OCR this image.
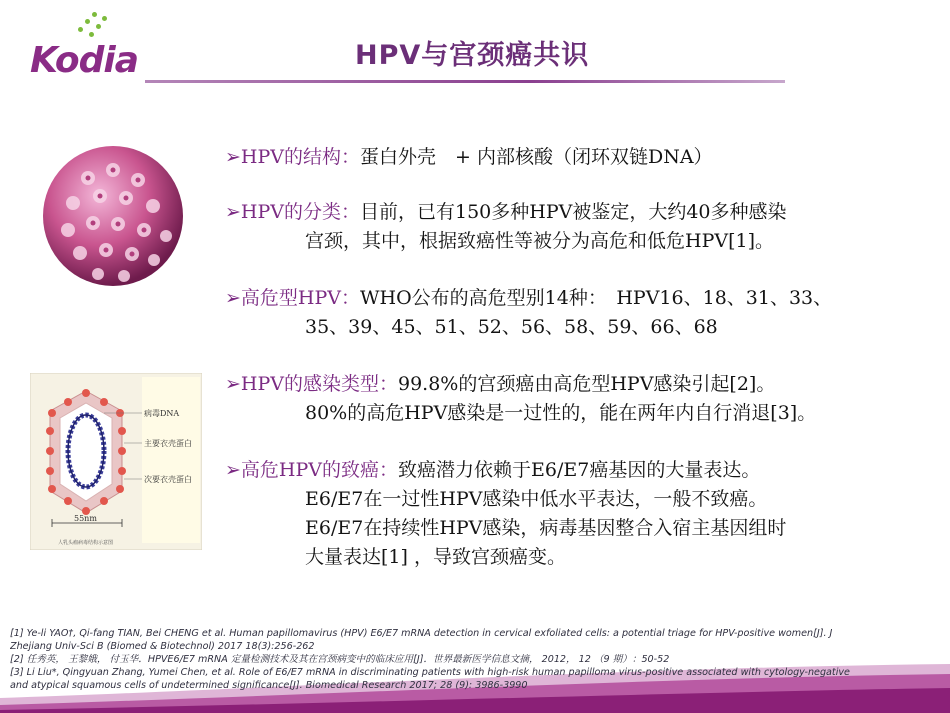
Kodia	HPV与宫颈癌共识
➢HPV的结构：蛋白外壳　+ 内部核酸（闭环双链DNA）
➢HPV的分类：目前，已有150多种HPV被鉴定，大约40多种感染
宫颈，其中，根据致癌性等被分为高危和低危HPV[1]。
➢高危型HPV：WHO公布的高危型别14种：　HPV16、18、31、33、
35、39、45、51、52、56、58、59、66、68
➢HPV的感染类型：99.8%的宫颈癌由高危型HPV感染引起[2]。
80%的高危HPV感染是一过性的，能在两年内自行消退[3]。
➢高危HPV的致癌：致癌潜力依赖于E6/E7癌基因的大量表达。
E6/E7在一过性HPV感染中低水平表达，一般不致癌。
E6/E7在持续性HPV感染，病毒基因整合入宿主基因组时
大量表达[1] ，导致宫颈癌变。
病毒DNA
主要衣壳蛋白
次要衣壳蛋白
55nm
人乳头瘤病毒结构示意图
[1] Ye-li YAO†, Qi-fang TIAN, Bei CHENG et al. Human papillomavirus (HPV) E6/E7 mRNA detection in cervical exfoliated cells: a potential triage for HPV-positive women[J]. J
Zhejiang Univ-Sci B (Biomed & Biotechnol) 2017 18(3):256-262
[2] 任秀英， 王黎娥， 付玉华．HPVE6/E7 mRNA 定量检测技术及其在宫颈病变中的临床应用[J]．世界最新医学信息文摘， 2012， 12 （9 期）：50-52
[3] Li Liu*, Qingyuan Zhang, Yumei Chen, et al. Role of E6/E7 mRNA in discriminating patients with high-risk human papilloma virus-positive associated with cytology-negative
and atypical squamous cells of undetermined significance[J]. Biomedical Research 2017; 28 (9): 3986-3990
